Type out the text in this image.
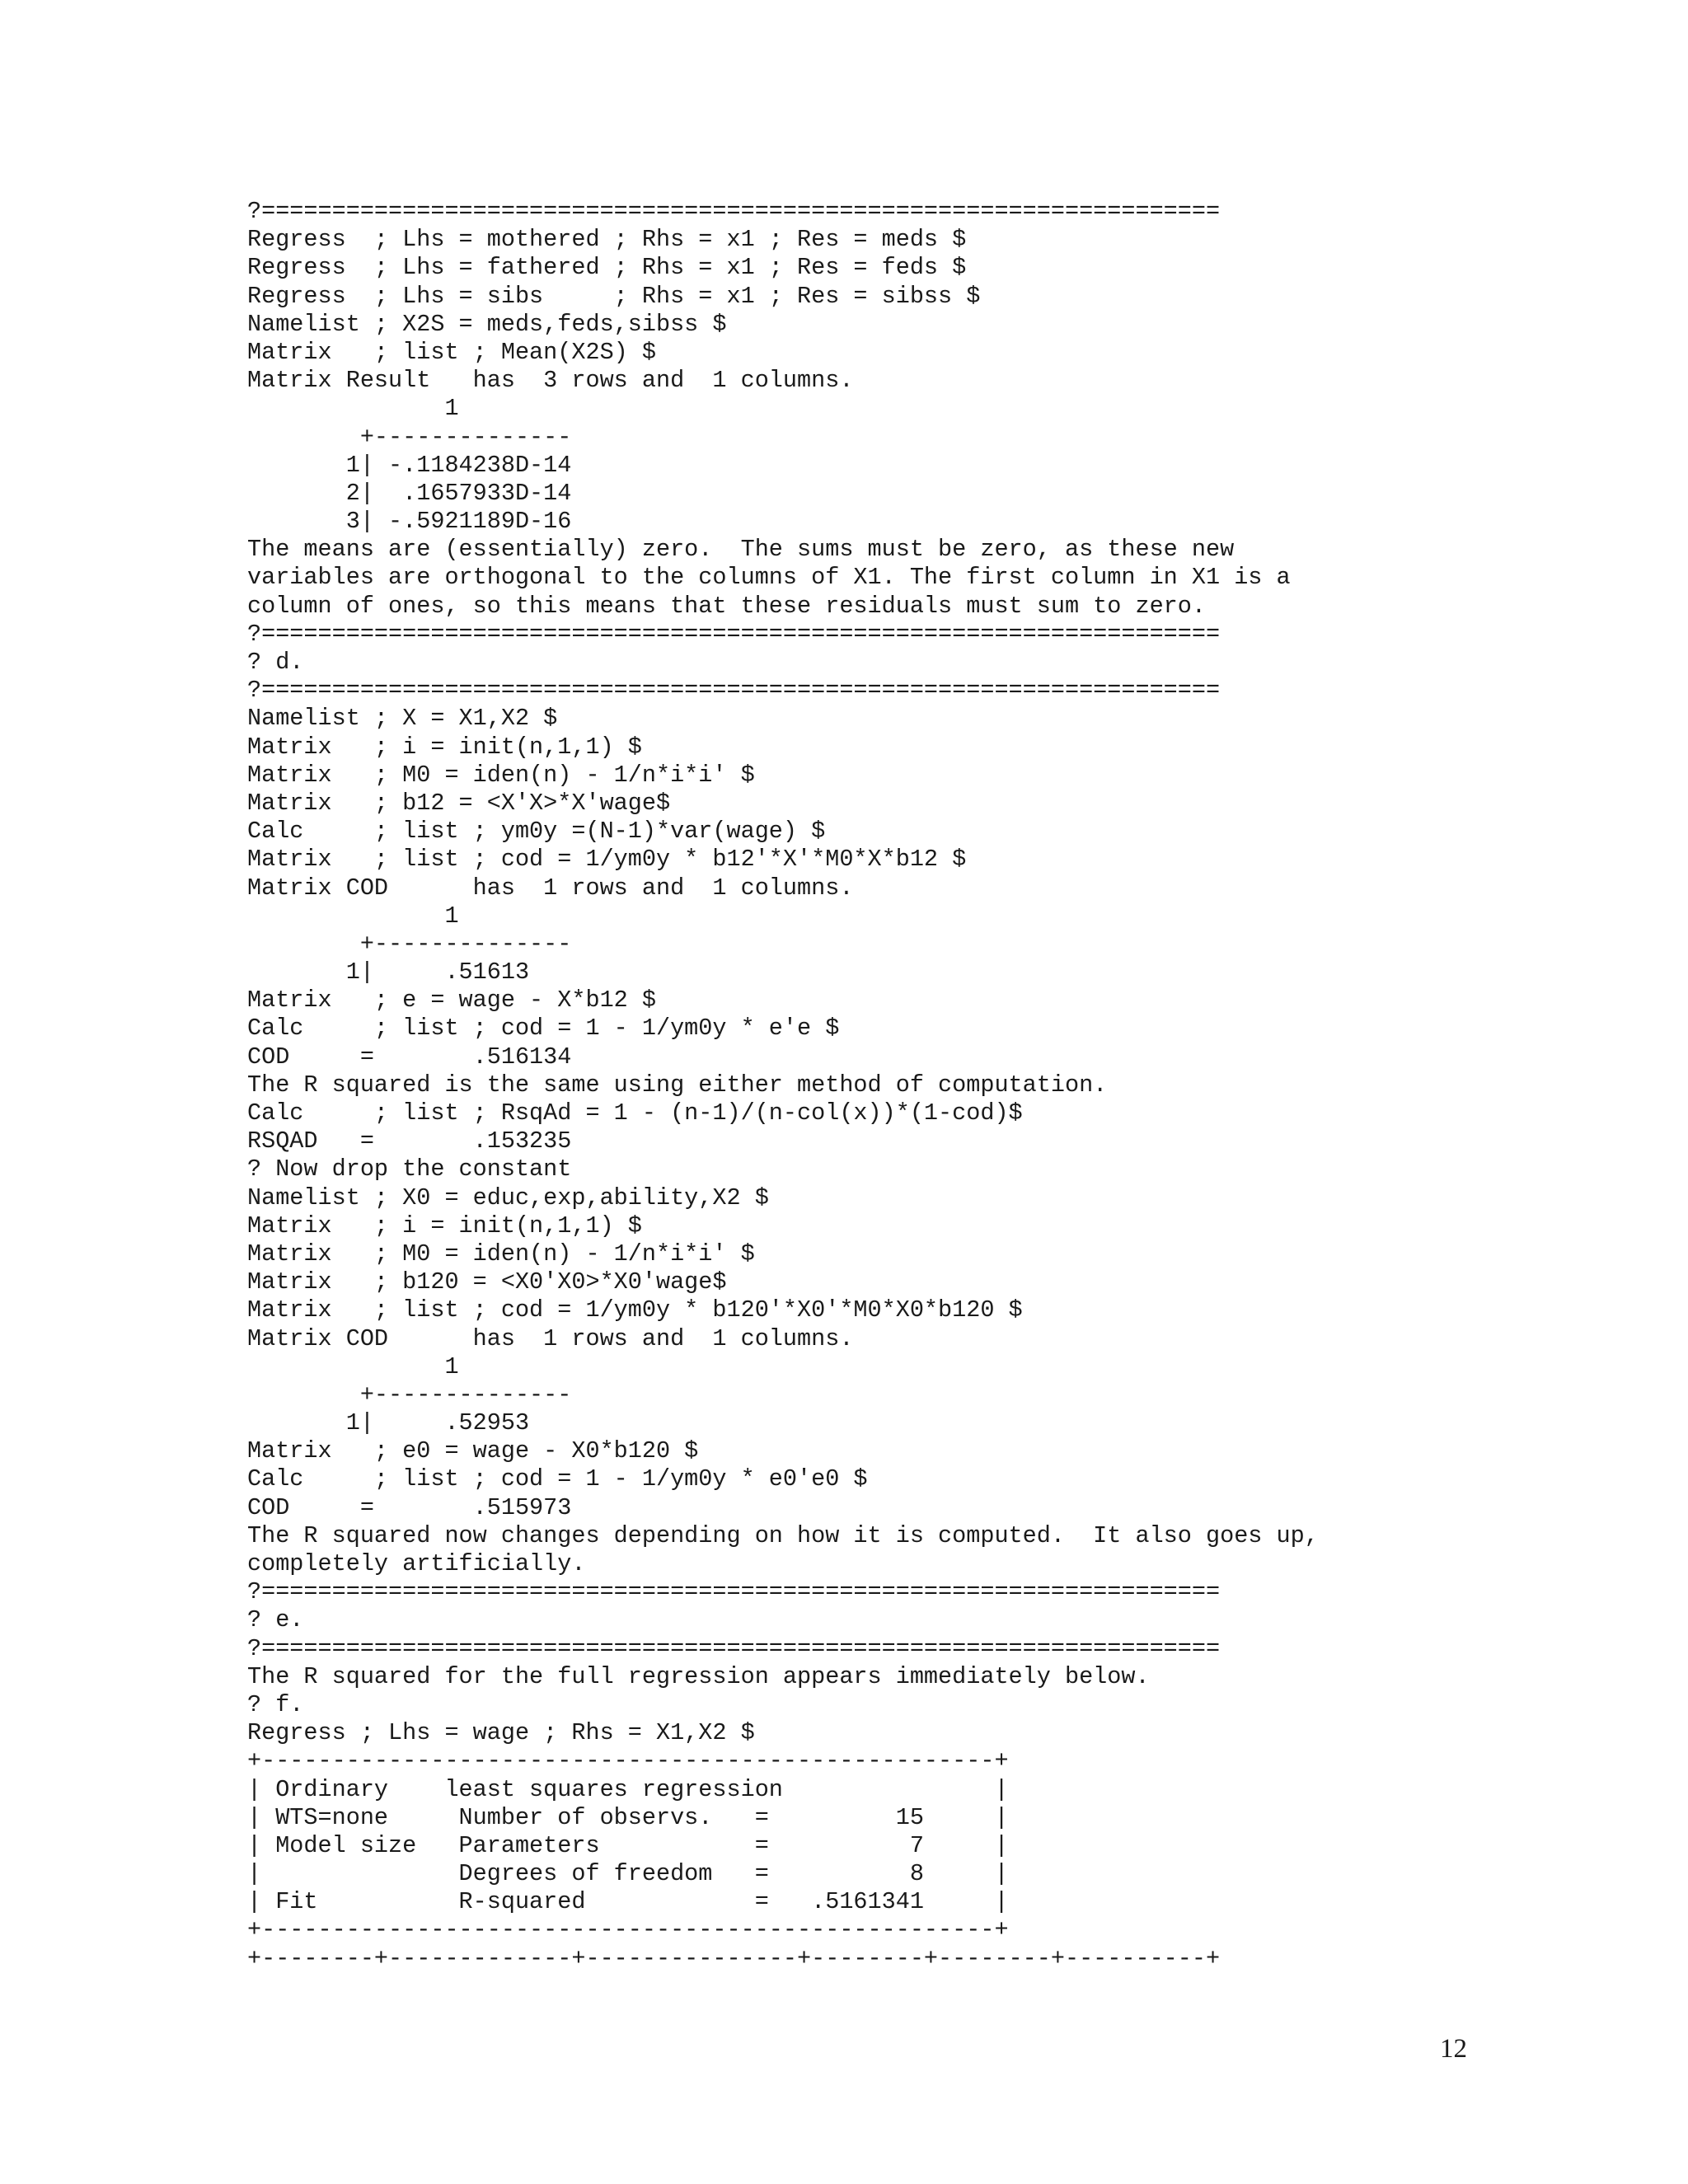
?====================================================================
Regress  ; Lhs = mothered ; Rhs = x1 ; Res = meds $
Regress  ; Lhs = fathered ; Rhs = x1 ; Res = feds $
Regress  ; Lhs = sibs     ; Rhs = x1 ; Res = sibss $
Namelist ; X2S = meds,feds,sibss $
Matrix   ; list ; Mean(X2S) $
Matrix Result   has  3 rows and  1 columns.
1
+--------------
1| -.1184238D-14
2|  .1657933D-14
3| -.5921189D-16
The means are (essentially) zero.  The sums must be zero, as these new
variables are orthogonal to the columns of X1. The first column in X1 is a
column of ones, so this means that these residuals must sum to zero.
?====================================================================
? d.
?====================================================================
Namelist ; X = X1,X2 $
Matrix   ; i = init(n,1,1) $
Matrix   ; M0 = iden(n) - 1/n*i*i' $
Matrix   ; b12 = <X'X>*X'wage$
Calc     ; list ; ym0y =(N-1)*var(wage) $
Matrix   ; list ; cod = 1/ym0y * b12'*X'*M0*X*b12 $
Matrix COD      has  1 rows and  1 columns.
1
+--------------
1|     .51613
Matrix   ; e = wage - X*b12 $
Calc     ; list ; cod = 1 - 1/ym0y * e'e $
COD     =       .516134
The R squared is the same using either method of computation.
Calc     ; list ; RsqAd = 1 - (n-1)/(n-col(x))*(1-cod)$
RSQAD   =       .153235
? Now drop the constant
Namelist ; X0 = educ,exp,ability,X2 $
Matrix   ; i = init(n,1,1) $
Matrix   ; M0 = iden(n) - 1/n*i*i' $
Matrix   ; b120 = <X0'X0>*X0'wage$
Matrix   ; list ; cod = 1/ym0y * b120'*X0'*M0*X0*b120 $
Matrix COD      has  1 rows and  1 columns.
1
+--------------
1|     .52953
Matrix   ; e0 = wage - X0*b120 $
Calc     ; list ; cod = 1 - 1/ym0y * e0'e0 $
COD     =       .515973
The R squared now changes depending on how it is computed.  It also goes up,
completely artificially.
?====================================================================
? e.
?====================================================================
The R squared for the full regression appears immediately below.
? f.
Regress ; Lhs = wage ; Rhs = X1,X2 $
+----------------------------------------------------+
| Ordinary    least squares regression               |
| WTS=none     Number of observs.   =         15     |
| Model size   Parameters           =          7     |
|              Degrees of freedom   =          8     |
| Fit          R-squared            =   .5161341     |
+----------------------------------------------------+
+--------+-------------+---------------+--------+--------+----------+
12
